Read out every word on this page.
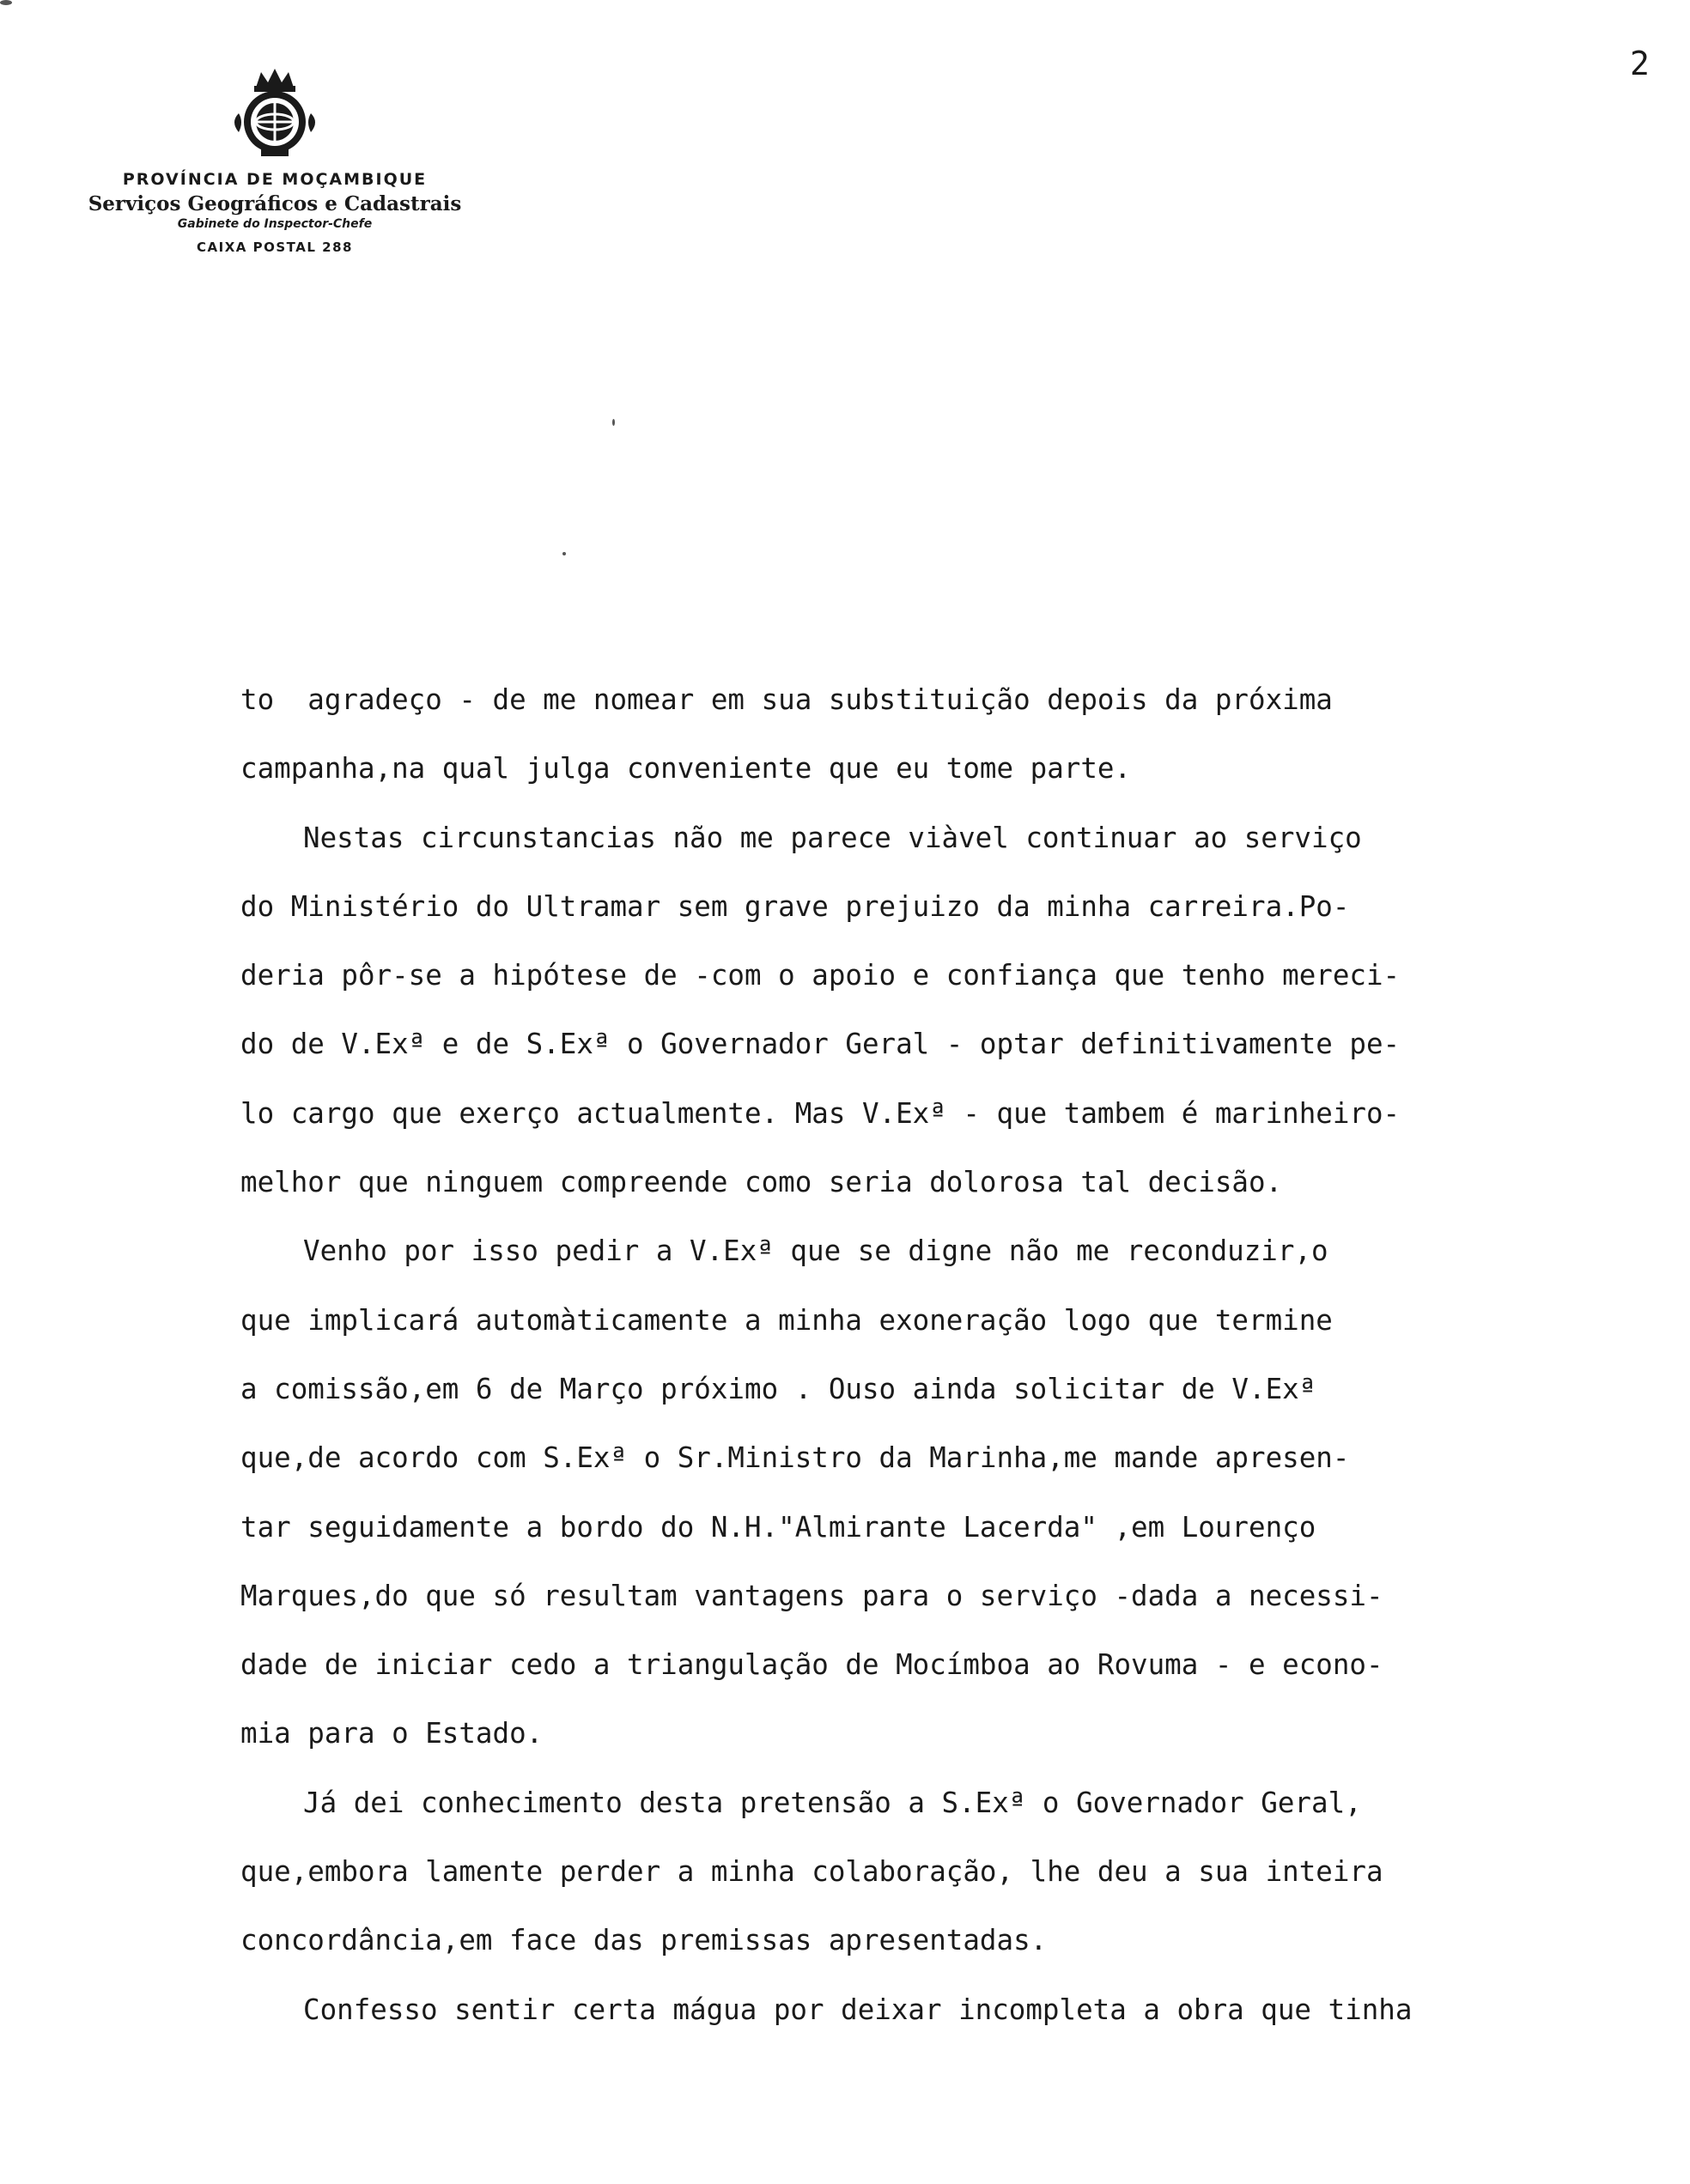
2
PROVÍNCIA DE MOÇAMBIQUE
Serviços Geográficos e Cadastrais
Gabinete do Inspector-Chefe
CAIXA POSTAL 288
to  agradeço - de me nomear em sua substituição depois da próxima
campanha,na qual julga conveniente que eu tome parte.
Nestas circunstancias não me parece viàvel continuar ao serviço
do Ministério do Ultramar sem grave prejuizo da minha carreira.Po-
deria pôr-se a hipótese de -com o apoio e confiança que tenho mereci-
do de V.Exª e de S.Exª o Governador Geral - optar definitivamente pe-
lo cargo que exerço actualmente. Mas V.Exª - que tambem é marinheiro-
melhor que ninguem compreende como seria dolorosa tal decisão.
Venho por isso pedir a V.Exª que se digne não me reconduzir,o
que implicará automàticamente a minha exoneração logo que termine
a comissão,em 6 de Março próximo . Ouso ainda solicitar de V.Exª
que,de acordo com S.Exª o Sr.Ministro da Marinha,me mande apresen-
tar seguidamente a bordo do N.H."Almirante Lacerda" ,em Lourenço
Marques,do que só resultam vantagens para o serviço -dada a necessi-
dade de iniciar cedo a triangulação de Mocímboa ao Rovuma - e econo-
mia para o Estado.
Já dei conhecimento desta pretensão a S.Exª o Governador Geral,
que,embora lamente perder a minha colaboração, lhe deu a sua inteira
concordância,em face das premissas apresentadas.
Confesso sentir certa mágua por deixar incompleta a obra que tinha
